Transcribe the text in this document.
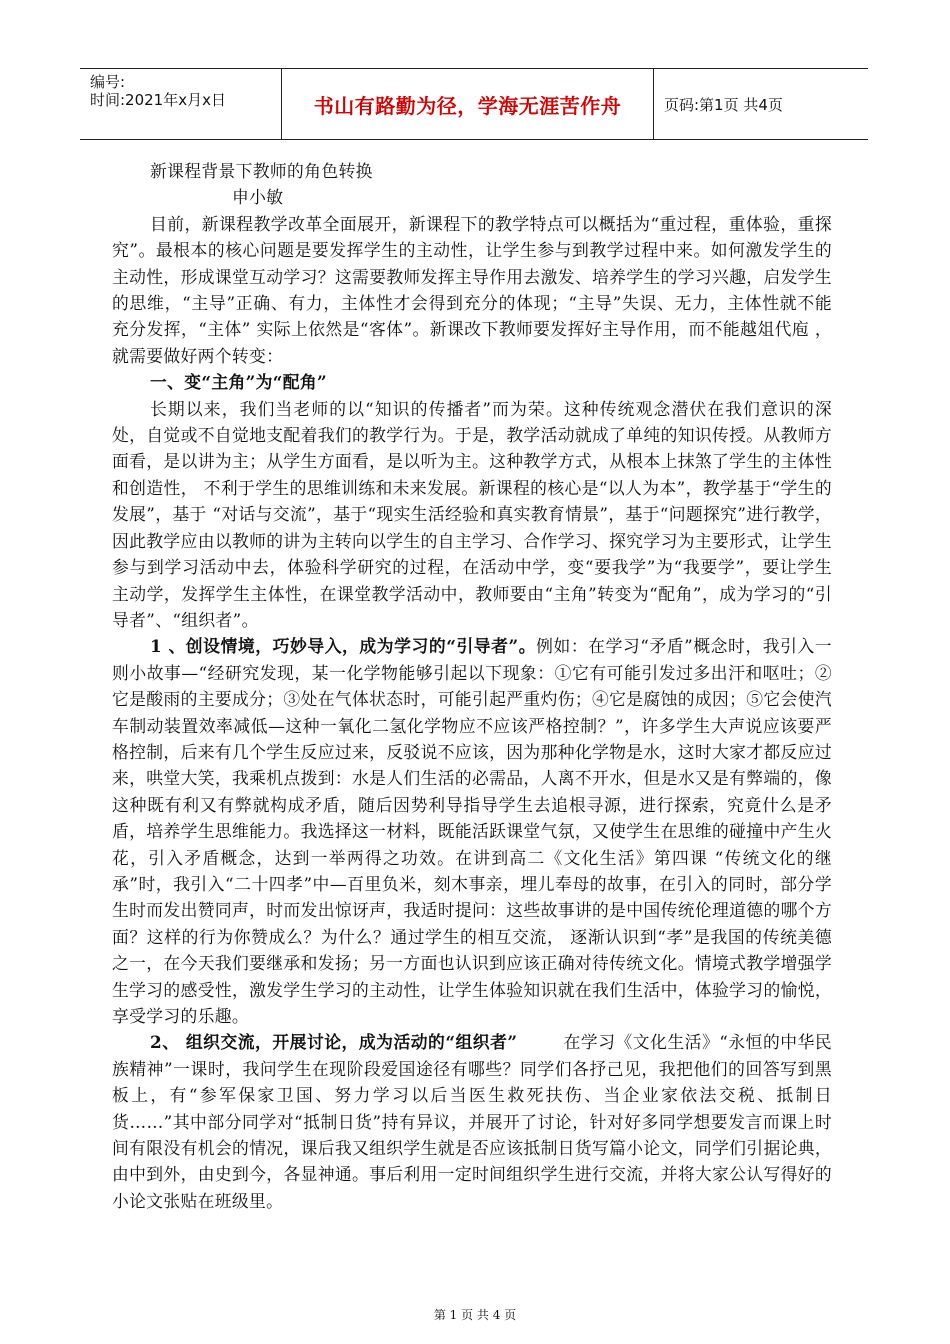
编号:
时间:2021年x月x日	书山有路勤为径，学海无涯苦作舟	页码:第1页 共4页

新课程背景下教师的角色转换

申小敏

目前，新课程教学改革全面展开，新课程下的教学特点可以概括为“重过程，重体验，重探究”。最根本的核心问题是要发挥学生的主动性，让学生参与到教学过程中来。如何激发学生的主动性，形成课堂互动学习？这需要教师发挥主导作用去激发、培养学生的学习兴趣，启发学生的思维，“主导”正确、有力，主体性才会得到充分的体现；“主导”失误、无力，主体性就不能充分发挥，“主体” 实际上依然是“客体”。新课改下教师要发挥好主导作用，而不能越俎代庖 ，就需要做好两个转变：

一、变“主角”为“配角”

长期以来，我们当老师的以“知识的传播者”而为荣。这种传统观念潜伏在我们意识的深处，自觉或不自觉地支配着我们的教学行为。于是，教学活动就成了单纯的知识传授。从教师方面看，是以讲为主；从学生方面看，是以听为主。这种教学方式，从根本上抹煞了学生的主体性和创造性， 不利于学生的思维训练和未来发展。新课程的核心是“以人为本”，教学基于“学生的发展”，基于 “对话与交流”，基于“现实生活经验和真实教育情景”，基于“问题探究”进行教学，因此教学应由以教师的讲为主转向以学生的自主学习、合作学习、探究学习为主要形式，让学生参与到学习活动中去，体验科学研究的过程，在活动中学，变“要我学”为“我要学”，要让学生主动学，发挥学生主体性，在课堂教学活动中，教师要由“主角”转变为“配角”，成为学习的“引导者”、“组织者”。

1 、创设情境，巧妙导入，成为学习的“引导者”。例如：在学习“矛盾”概念时，我引入一则小故事—“经研究发现，某一化学物能够引起以下现象：①它有可能引发过多出汗和呕吐；②它是酸雨的主要成分；③处在气体状态时，可能引起严重灼伤；④它是腐蚀的成因；⑤它会使汽车制动装置效率减低—这种一氧化二氢化学物应不应该严格控制？”，许多学生大声说应该要严格控制，后来有几个学生反应过来，反驳说不应该，因为那种化学物是水，这时大家才都反应过来，哄堂大笑，我乘机点拨到：水是人们生活的必需品，人离不开水，但是水又是有弊端的，像这种既有利又有弊就构成矛盾，随后因势利导指导学生去追根寻源，进行探索，究竟什么是矛盾，培养学生思维能力。我选择这一材料，既能活跃课堂气氛，又使学生在思维的碰撞中产生火花，引入矛盾概念，达到一举两得之功效。在讲到高二《文化生活》第四课 “传统文化的继承”时，我引入“二十四孝”中—百里负米，刻木事亲，埋儿奉母的故事，在引入的同时，部分学生时而发出赞同声，时而发出惊讶声，我适时提问：这些故事讲的是中国传统伦理道德的哪个方面？这样的行为你赞成么？为什么？通过学生的相互交流， 逐渐认识到“孝”是我国的传统美德之一，在今天我们要继承和发扬；另一方面也认识到应该正确对待传统文化。情境式教学增强学生学习的感受性，激发学生学习的主动性，让学生体验知识就在我们生活中，体验学习的愉悦，享受学习的乐趣。

2、 组织交流，开展讨论，成为活动的“组织者”	在学习《文化生活》“永恒的中华民族精神”一课时，我问学生在现阶段爱国途径有哪些？同学们各抒己见，我把他们的回答写到黑板上，有“参军保家卫国、努力学习以后当医生救死扶伤、当企业家依法交税、抵制日货……”其中部分同学对“抵制日货”持有异议，并展开了讨论，针对好多同学想要发言而课上时间有限没有机会的情况，课后我又组织学生就是否应该抵制日货写篇小论文，同学们引据论典，由中到外，由史到今，各显神通。事后利用一定时间组织学生进行交流，并将大家公认写得好的小论文张贴在班级里。

第 1 页 共 4 页
